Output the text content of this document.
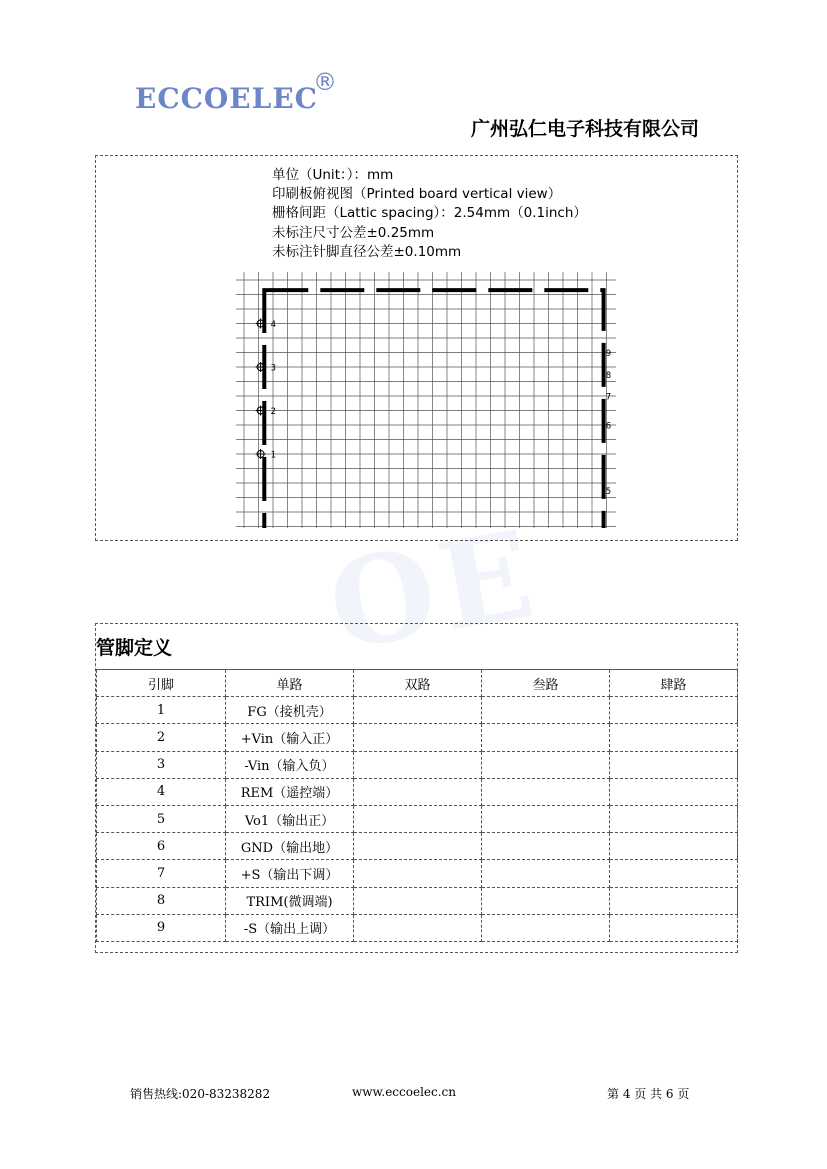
OE
ECCOELEC
®
广州弘仁电子科技有限公司
单位（Unit：）：mm
印刷板俯视图（Printed board vertical view）
栅格间距（Lattic spacing）：2.54mm（0.1inch）
未标注尺寸公差±0.25mm
未标注针脚直径公差±0.10mm
4
3
2
1
9
8
7
6
5
管脚定义
引脚	单路	双路	叁路	肆路
1	FG（接机壳）			
2	+Vin（输入正）			
3	-Vin（输入负）			
4	REM（遥控端）			
5	Vo1（输出正）			
6	GND（输出地）			
7	+S（输出下调）			
8	TRIM(微调端)			
9	-S（输出上调）			
销售热线:020-83238282	www.eccoelec.cn	第 4 页 共 6 页
